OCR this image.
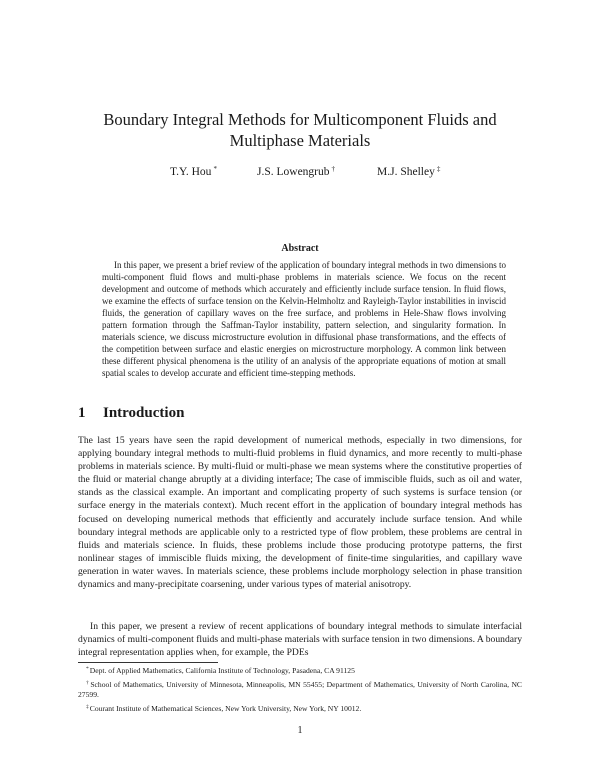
Boundary Integral Methods for Multicomponent Fluids and
Multiphase Materials
T.Y. Hou *	J.S. Lowengrub †	M.J. Shelley ‡
Abstract

In this paper, we present a brief review of the application of boundary integral methods in two dimensions to multi-component fluid flows and multi-phase problems in materials science. We focus on the recent development and outcome of methods which accurately and efficiently include surface tension. In fluid flows, we examine the effects of surface tension on the Kelvin-Helmholtz and Rayleigh-Taylor instabilities in inviscid fluids, the generation of capillary waves on the free surface, and problems in Hele-Shaw flows involving pattern formation through the Saffman-Taylor instability, pattern selection, and singularity formation. In materials science, we discuss microstructure evolution in diffusional phase transformations, and the effects of the competition between surface and elastic energies on microstructure morphology. A common link between these different physical phenomena is the utility of an analysis of the appropriate equations of motion at small spatial scales to develop accurate and efficient time-stepping methods.

1 Introduction

The last 15 years have seen the rapid development of numerical methods, especially in two dimensions, for applying boundary integral methods to multi-fluid problems in fluid dynamics, and more recently to multi-phase problems in materials science. By multi-fluid or multi-phase we mean systems where the constitutive properties of the fluid or material change abruptly at a dividing interface; The case of immiscible fluids, such as oil and water, stands as the classical example. An important and complicating property of such systems is surface tension (or surface energy in the materials context). Much recent effort in the application of boundary integral methods has focused on developing numerical methods that efficiently and accurately include surface tension. And while boundary integral methods are applicable only to a restricted type of flow problem, these problems are central in fluids and materials science. In fluids, these problems include those producing prototype patterns, the first nonlinear stages of immiscible fluids mixing, the development of finite-time singularities, and capillary wave generation in water waves. In materials science, these problems include morphology selection in phase transition dynamics and many-precipitate coarsening, under various types of material anisotropy.

In this paper, we present a review of recent applications of boundary integral methods to simulate interfacial dynamics of multi-component fluids and multi-phase materials with surface tension in two dimensions. A boundary integral representation applies when, for example, the PDEs

*Dept. of Applied Mathematics, California Institute of Technology, Pasadena, CA 91125

†School of Mathematics, University of Minnesota, Minneapolis, MN 55455; Department of Mathematics, University of North Carolina, NC 27599.

‡Courant Institute of Mathematical Sciences, New York University, New York, NY 10012.

1
